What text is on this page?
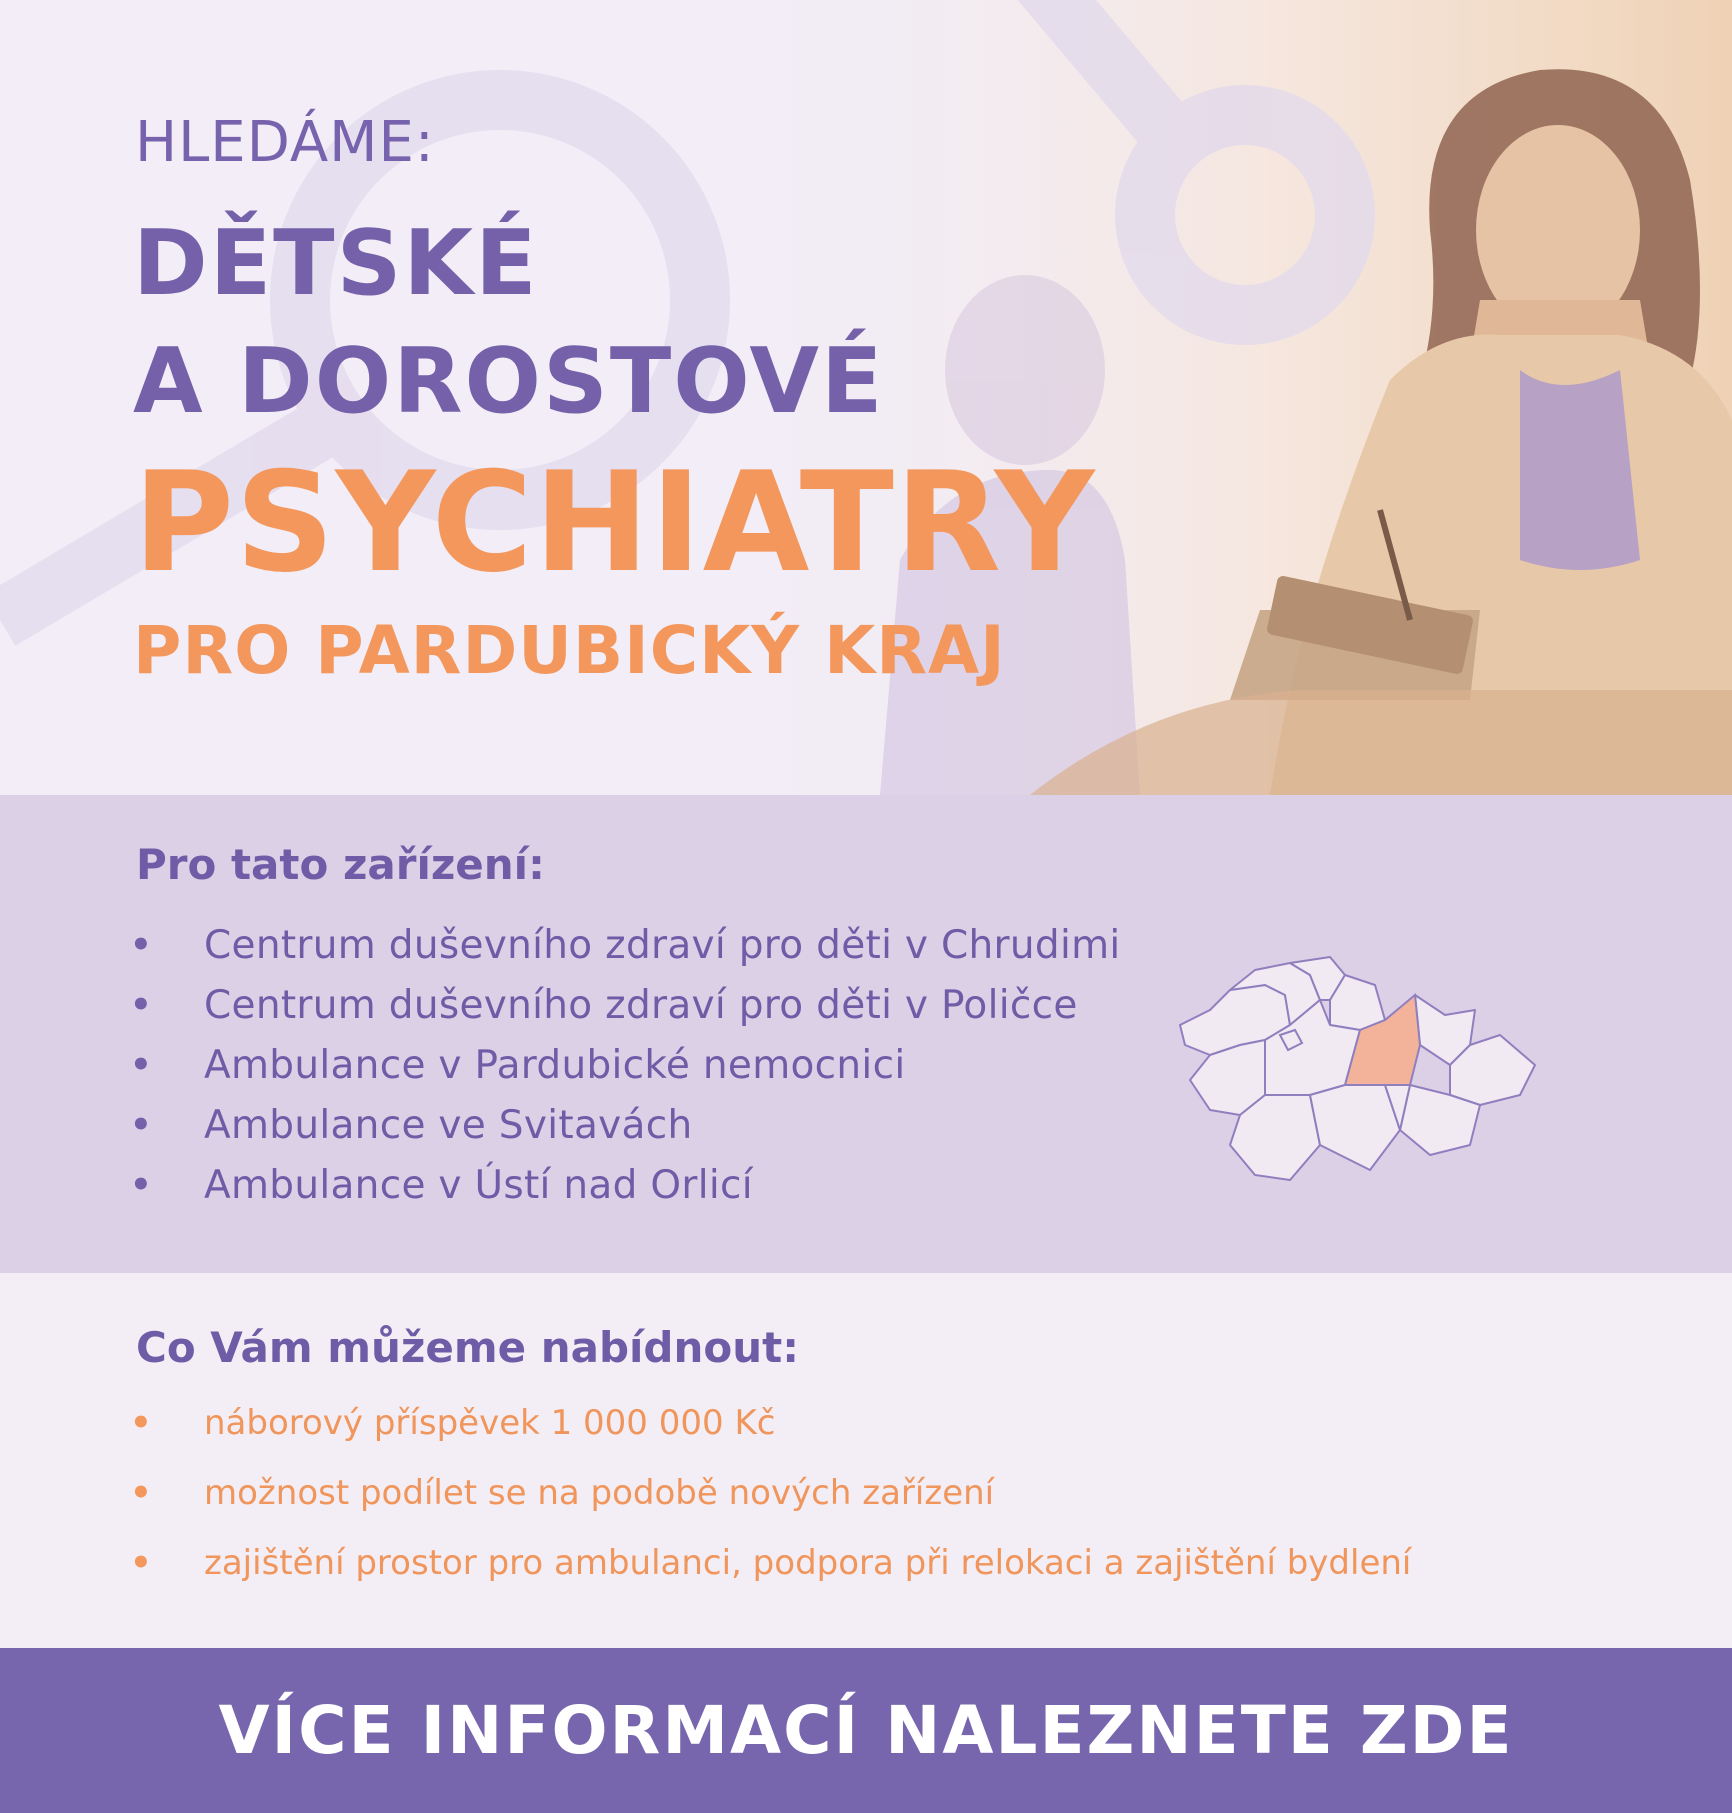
HLEDÁME:
DĚTSKÉ
A DOROSTOVÉ
PSYCHIATRY
PRO PARDUBICKÝ KRAJ
Pro tato zařízení:
•	Centrum duševního zdraví pro děti v Chrudimi
•	Centrum duševního zdraví pro děti v Poličce
•	Ambulance v Pardubické nemocnici
•	Ambulance ve Svitavách
•	Ambulance v Ústí nad Orlicí
Co Vám můžeme nabídnout:
•	náborový příspěvek 1 000 000 Kč
•	možnost podílet se na podobě nových zařízení
•	zajištění prostor pro ambulanci, podpora při relokaci a zajištění bydlení
VÍCE INFORMACÍ NALEZNETE ZDE
